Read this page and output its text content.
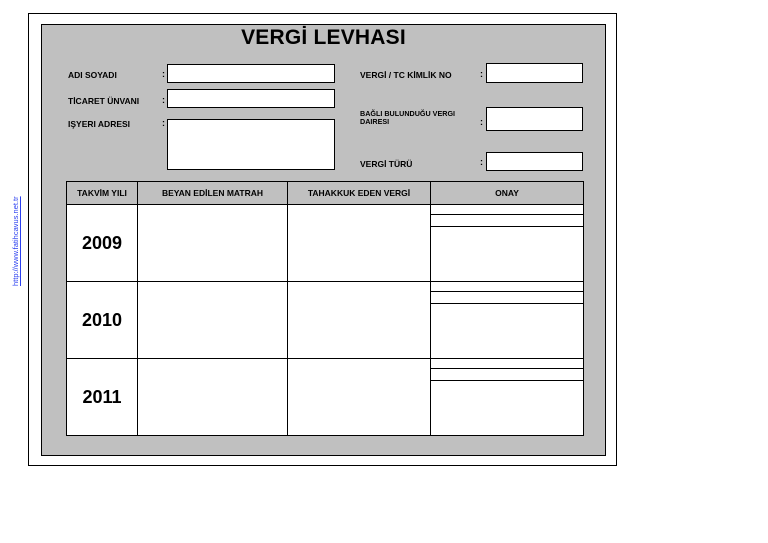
http://www.fatihcavus.net.tr
VERGİ LEVHASI
ADI SOYADI	:
TİCARET ÜNVANI	:
IŞYERI ADRESI	:
VERGİ / TC KİMLİK NO	:
BAĞLI BULUNDUĞU VERGI DAIRESI	:
VERGİ TÜRÜ	:
TAKVİM YILI	BEYAN EDİLEN MATRAH	TAHAKKUK EDEN VERGİ	ONAY
2009			

2010			

2011			
